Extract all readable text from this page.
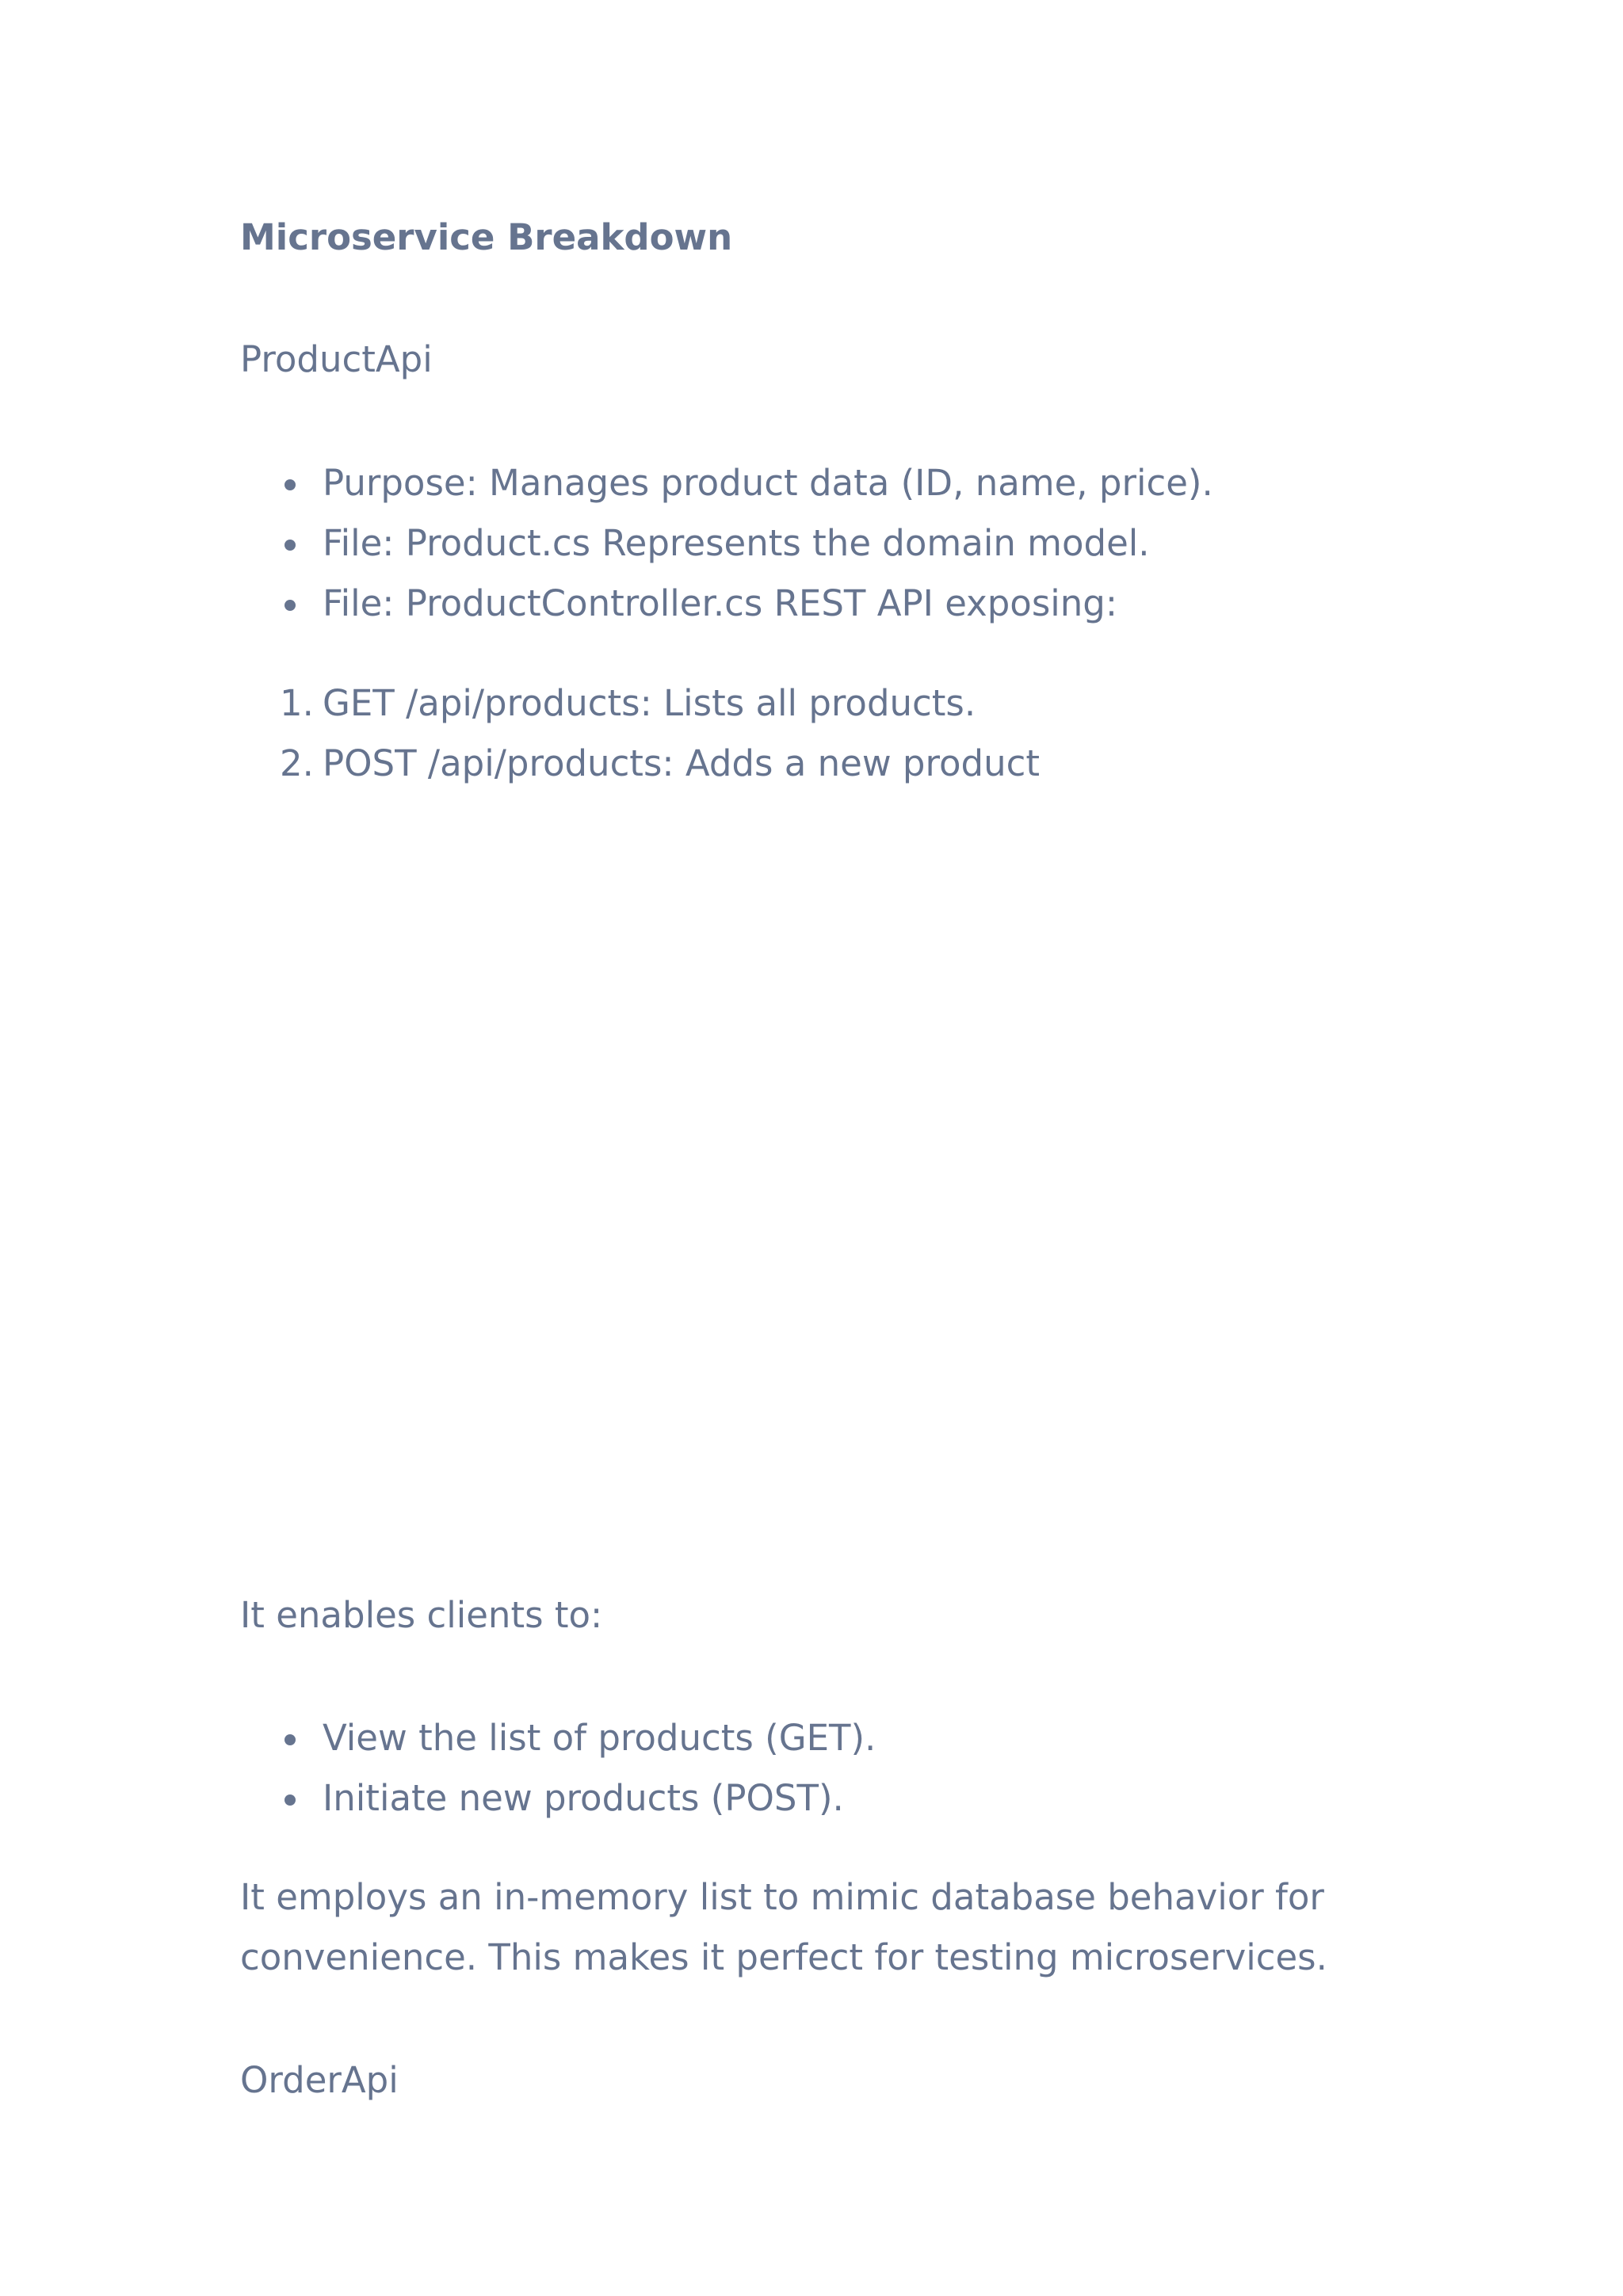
Microservice Breakdown
ProductApi
Purpose: Manages product data (ID, name, price).
File: Product.cs Represents the domain model.
File: ProductController.cs REST API exposing:
1. GET /api/products: Lists all products.
2. POST /api/products: Adds a new product
It enables clients to:
View the list of products (GET).
Initiate new products (POST).
It employs an in-memory list to mimic database behavior for
convenience. This makes it perfect for testing microservices.
OrderApi
